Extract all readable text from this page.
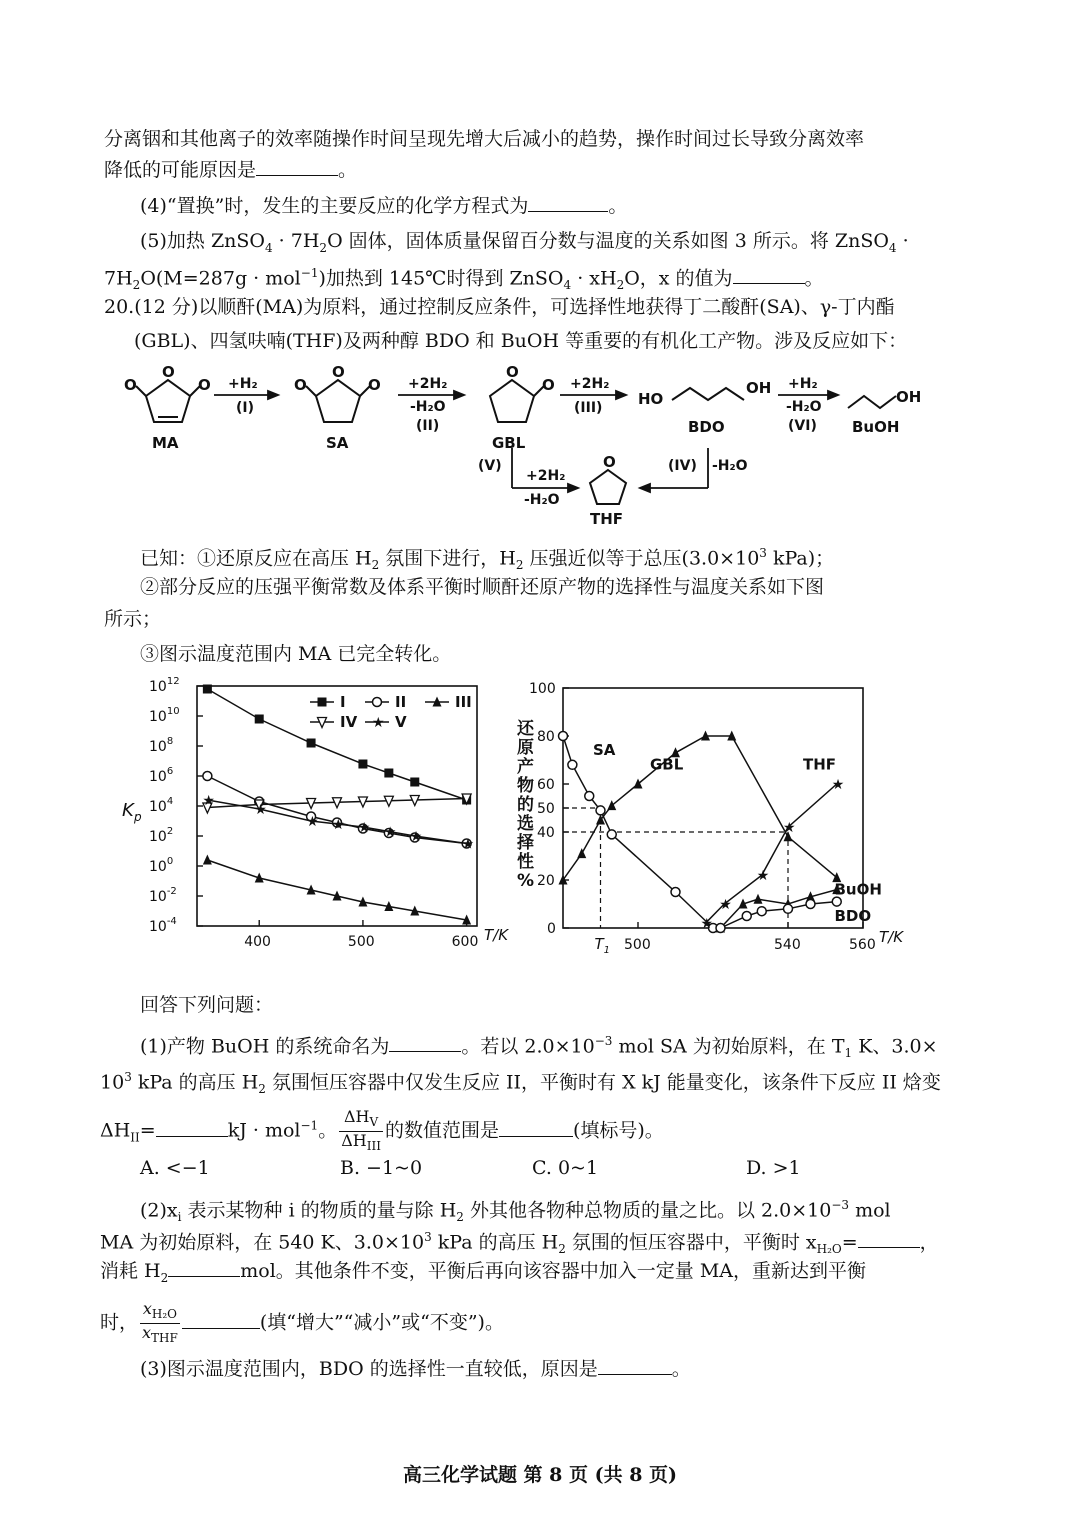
分离铟和其他离子的效率随操作时间呈现先增大后减小的趋势，操作时间过长导致分离效率
降低的可能原因是	。
(4)“置换”时，发生的主要反应的化学方程式为	。
(5)加热 ZnSO$_4$ · $7H_2O$ 固体，固体质量保留百分数与温度的关系如图 3 所示。将 ZnSO$_4$ ·
$7H_2O(M=287g \cdot mol^{-1})$加热到 145℃时得到 ZnSO$_4$ · $xH_2O$，x 的值为	。
20.(12 分)以顺酐(MA)为原料，通过控制反应条件，可选择性地获得丁二酸酐(SA)、γ-丁内酯
(GBL)、四氢呋喃(THF)及两种醇 BDO 和 BuOH 等重要的有机化工产物。涉及反应如下：
O
O
O
MA
O
O
O
SA
O
O
GBL
HO
OH
BDO
OH
BuOH
O
THF
+H₂
(I)
+2H₂
-H₂O
(II)
+2H₂
(III)
+H₂
-H₂O
(VI)
(V)
+2H₂
-H₂O
(IV) -H₂O
已知：①还原反应在高压 $H_2$ 氛围下进行，$H_2$ 压强近似等于总压($3.0\times 10^3$ kPa)；
②部分反应的压强平衡常数及体系平衡时顺酐还原产物的选择性与温度关系如下图
所示；
③图示温度范围内 MA 已完全转化。
400	500	600
$10^{12}$
$10^{10}$
$10^8$
$10^6$
$10^4$
$10^2$
$10^0$
$10^{-2}$
$10^{-4}$
★
★
★ ★ ★ ★ ★	★
I	II	III
IV ★ V
K p
T/K	0
20
40
50
60
80
100
500	540	560
$T_1$
★
★
★
★
★
SA
GBL	THF
BuOH
BDO
还
原
产
物
的
选
择
性
%
T/K
回答下列问题：
(1)产物 BuOH 的系统命名为	。若以 $2.0\times 10^{-3}$ mol SA 为初始原料，在 $T_1$ K、3.0×
$10^3$ kPa 的高压 $H_2$ 氛围恒压容器中仅发生反应 II，平衡时有 X kJ 能量变化，该条件下反应 II 焓变
$\Delta H_{II}=$	kJ · mol$^{-1}$。 $\frac{\Delta H_V}{\Delta H_{III}}$ 的数值范围是	(填标号)。
A. <−1	B. −1~0	C. 0~1	D. >1
$(2)x_i$ 表示某物种 i 的物质的量与除 $H_2$ 外其他各物种总物质的量之比。以 $2.0\times 10^{-3}$ mol
MA 为初始原料，在 540 K、$3.0\times 10^3$ kPa 的高压 $H_2$ 氛围的恒压容器中，平衡时 $x_{H_2O}=$	，
消耗 $H_2$	mol。其他条件不变，平衡后再向该容器中加入一定量 MA，重新达到平衡
时， $\frac{x_{H_2O}}{x_{THF}}$	(填“增大”“减小”或“不变”)。
(3)图示温度范围内，BDO 的选择性一直较低，原因是	。
高三化学试题 第 8 页 (共 8 页)
